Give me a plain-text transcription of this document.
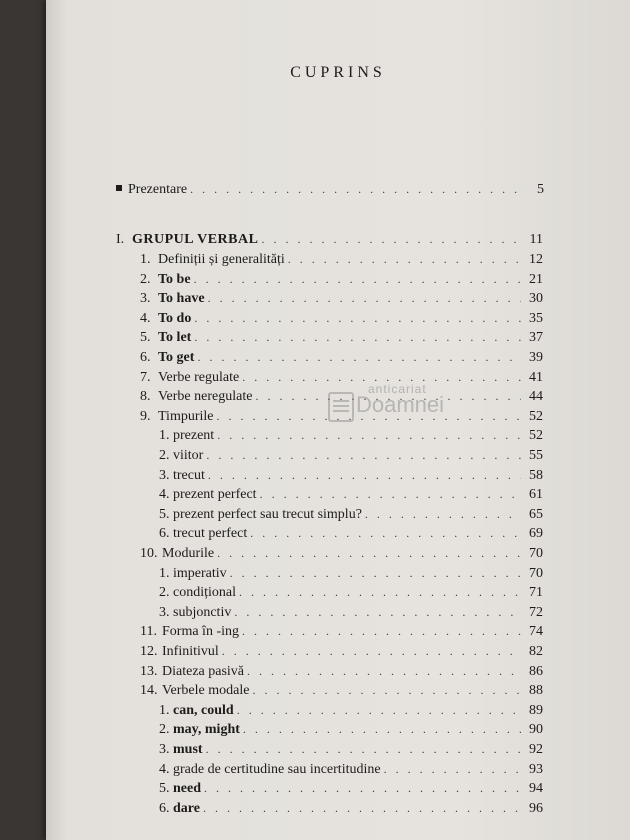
CUPRINS
Prezentare . . .	5
I. GRUPUL VERBAL . . .	11
1. Definiții și generalități . . .	12
2. To be . . .	21
3. To have . . .	30
4. To do . . .	35
5. To let . . .	37
6. To get . . .	39
7. Verbe regulate . . .	41
8. Verbe neregulate . . .	44
9. Timpurile . . .	52
1. prezent . . .	52
2. viitor . . .	55
3. trecut . . .	58
4. prezent perfect . . .	61
5. prezent perfect sau trecut simplu? . . .	65
6. trecut perfect . . .	69
10. Modurile . . .	70
1. imperativ . . .	70
2. condițional . . .	71
3. subjonctiv . . .	72
11. Forma în -ing . . .	74
12. Infinitivul . . .	82
13. Diateza pasivă . . .	86
14. Verbele modale . . .	88
1. can, could . . .	89
2. may, might . . .	90
3. must . . .	92
4. grade de certitudine sau incertitudine . . .	93
5. need . . .	94
6. dare . . .	96
anticariat
Doamnei
